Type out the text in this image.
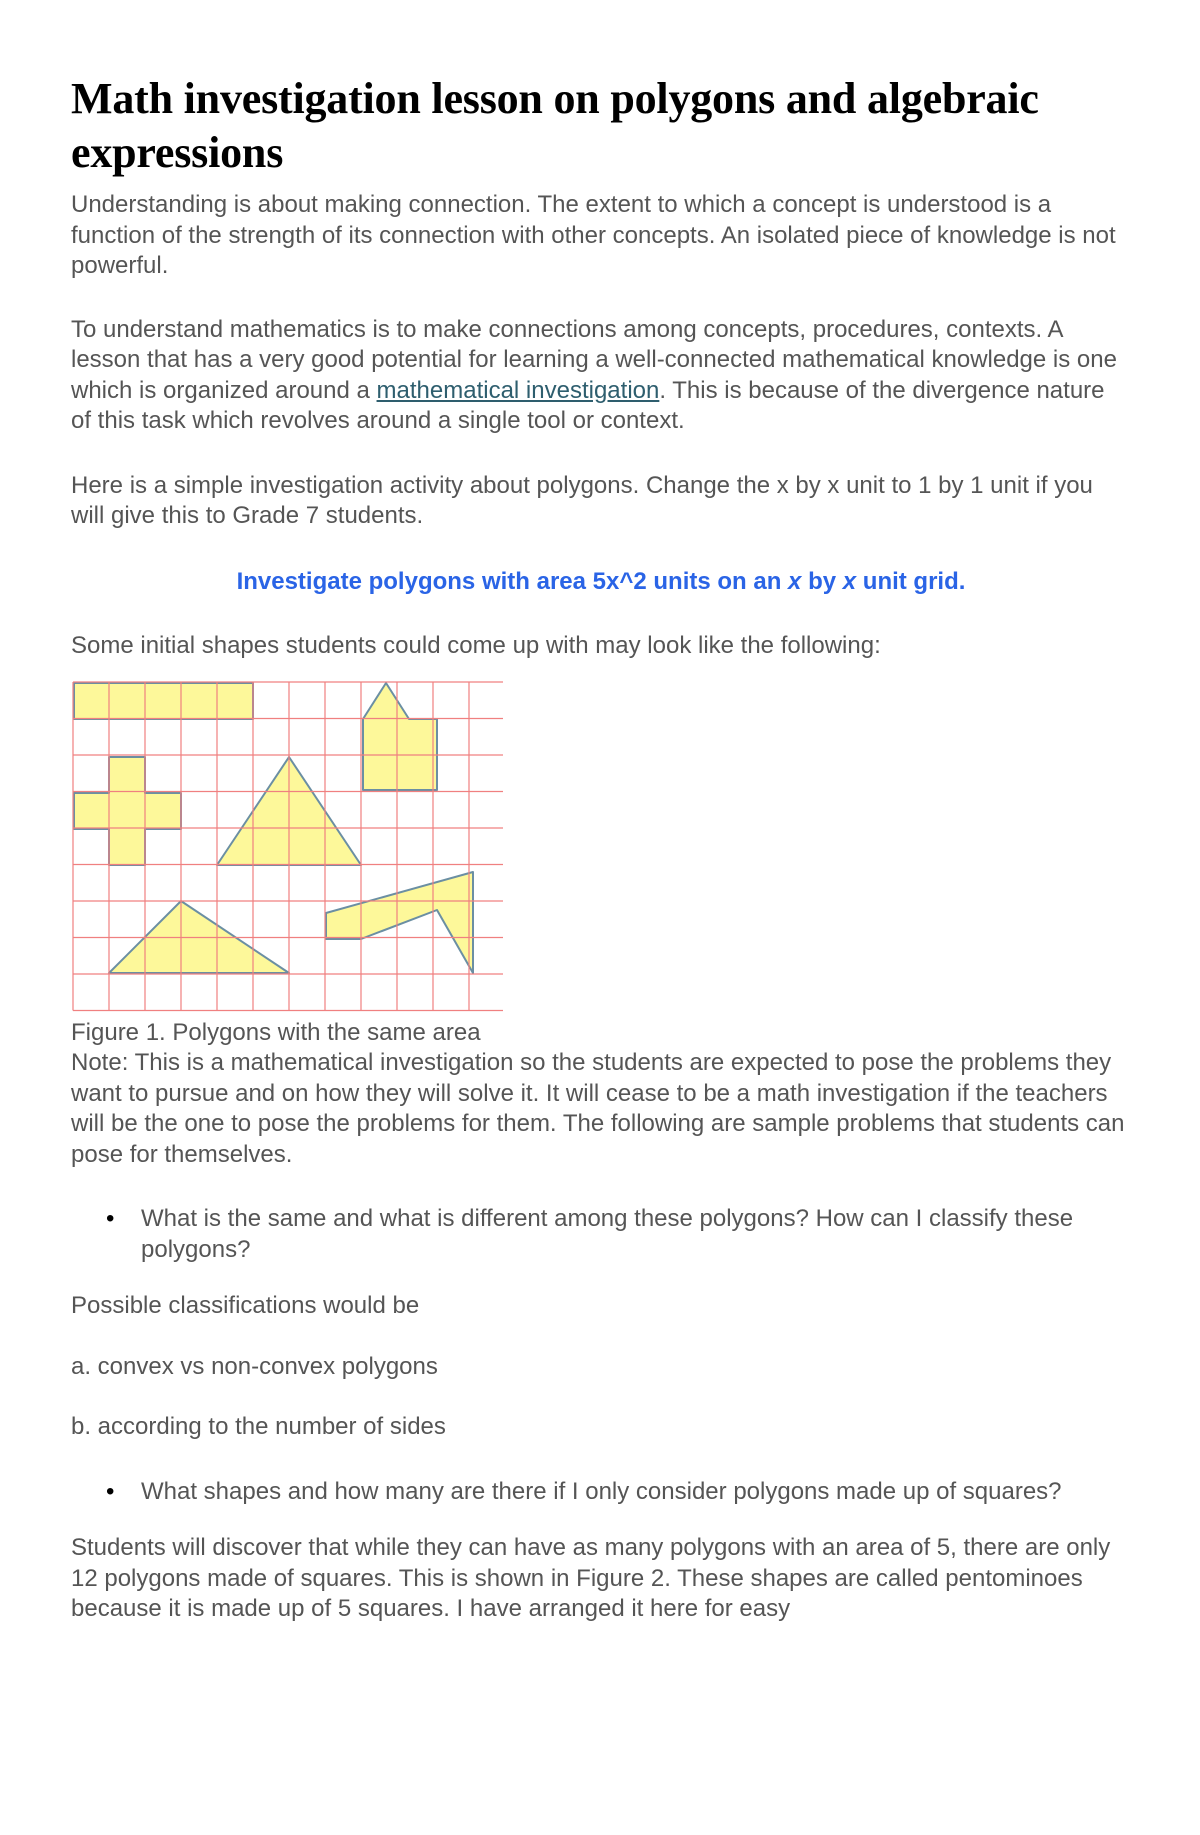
Math investigation lesson on polygons and algebraic expressions

Understanding is about making connection. The extent to which a concept is understood is a function of the strength of its connection with other concepts. An isolated piece of knowledge is not powerful.

To understand mathematics is to make connections among concepts, procedures, contexts. A lesson that has a very good potential for learning a well-connected mathematical knowledge is one which is organized around a mathematical investigation. This is because of the divergence nature of this task which revolves around a single tool or context.

Here is a simple investigation activity about polygons. Change the x by x unit to 1 by 1 unit if you will give this to Grade 7 students.

Investigate polygons with area 5x^2 units on an x by x unit grid.

Some initial shapes students could come up with may look like the following:

Figure 1. Polygons with the same area

Note: This is a mathematical investigation so the students are expected to pose the problems they want to pursue and on how they will solve it. It will cease to be a math investigation if the teachers will be the one to pose the problems for them. The following are sample problems that students can pose for themselves.

• What is the same and what is different among these polygons? How can I classify these polygons?

Possible classifications would be

a. convex vs non-convex polygons

b. according to the number of sides

• What shapes and how many are there if I only consider polygons made up of squares?

Students will discover that while they can have as many polygons with an area of 5, there are only 12 polygons made of squares. This is shown in Figure 2. These shapes are called pentominoes because it is made up of 5 squares. I have arranged it here for easy
